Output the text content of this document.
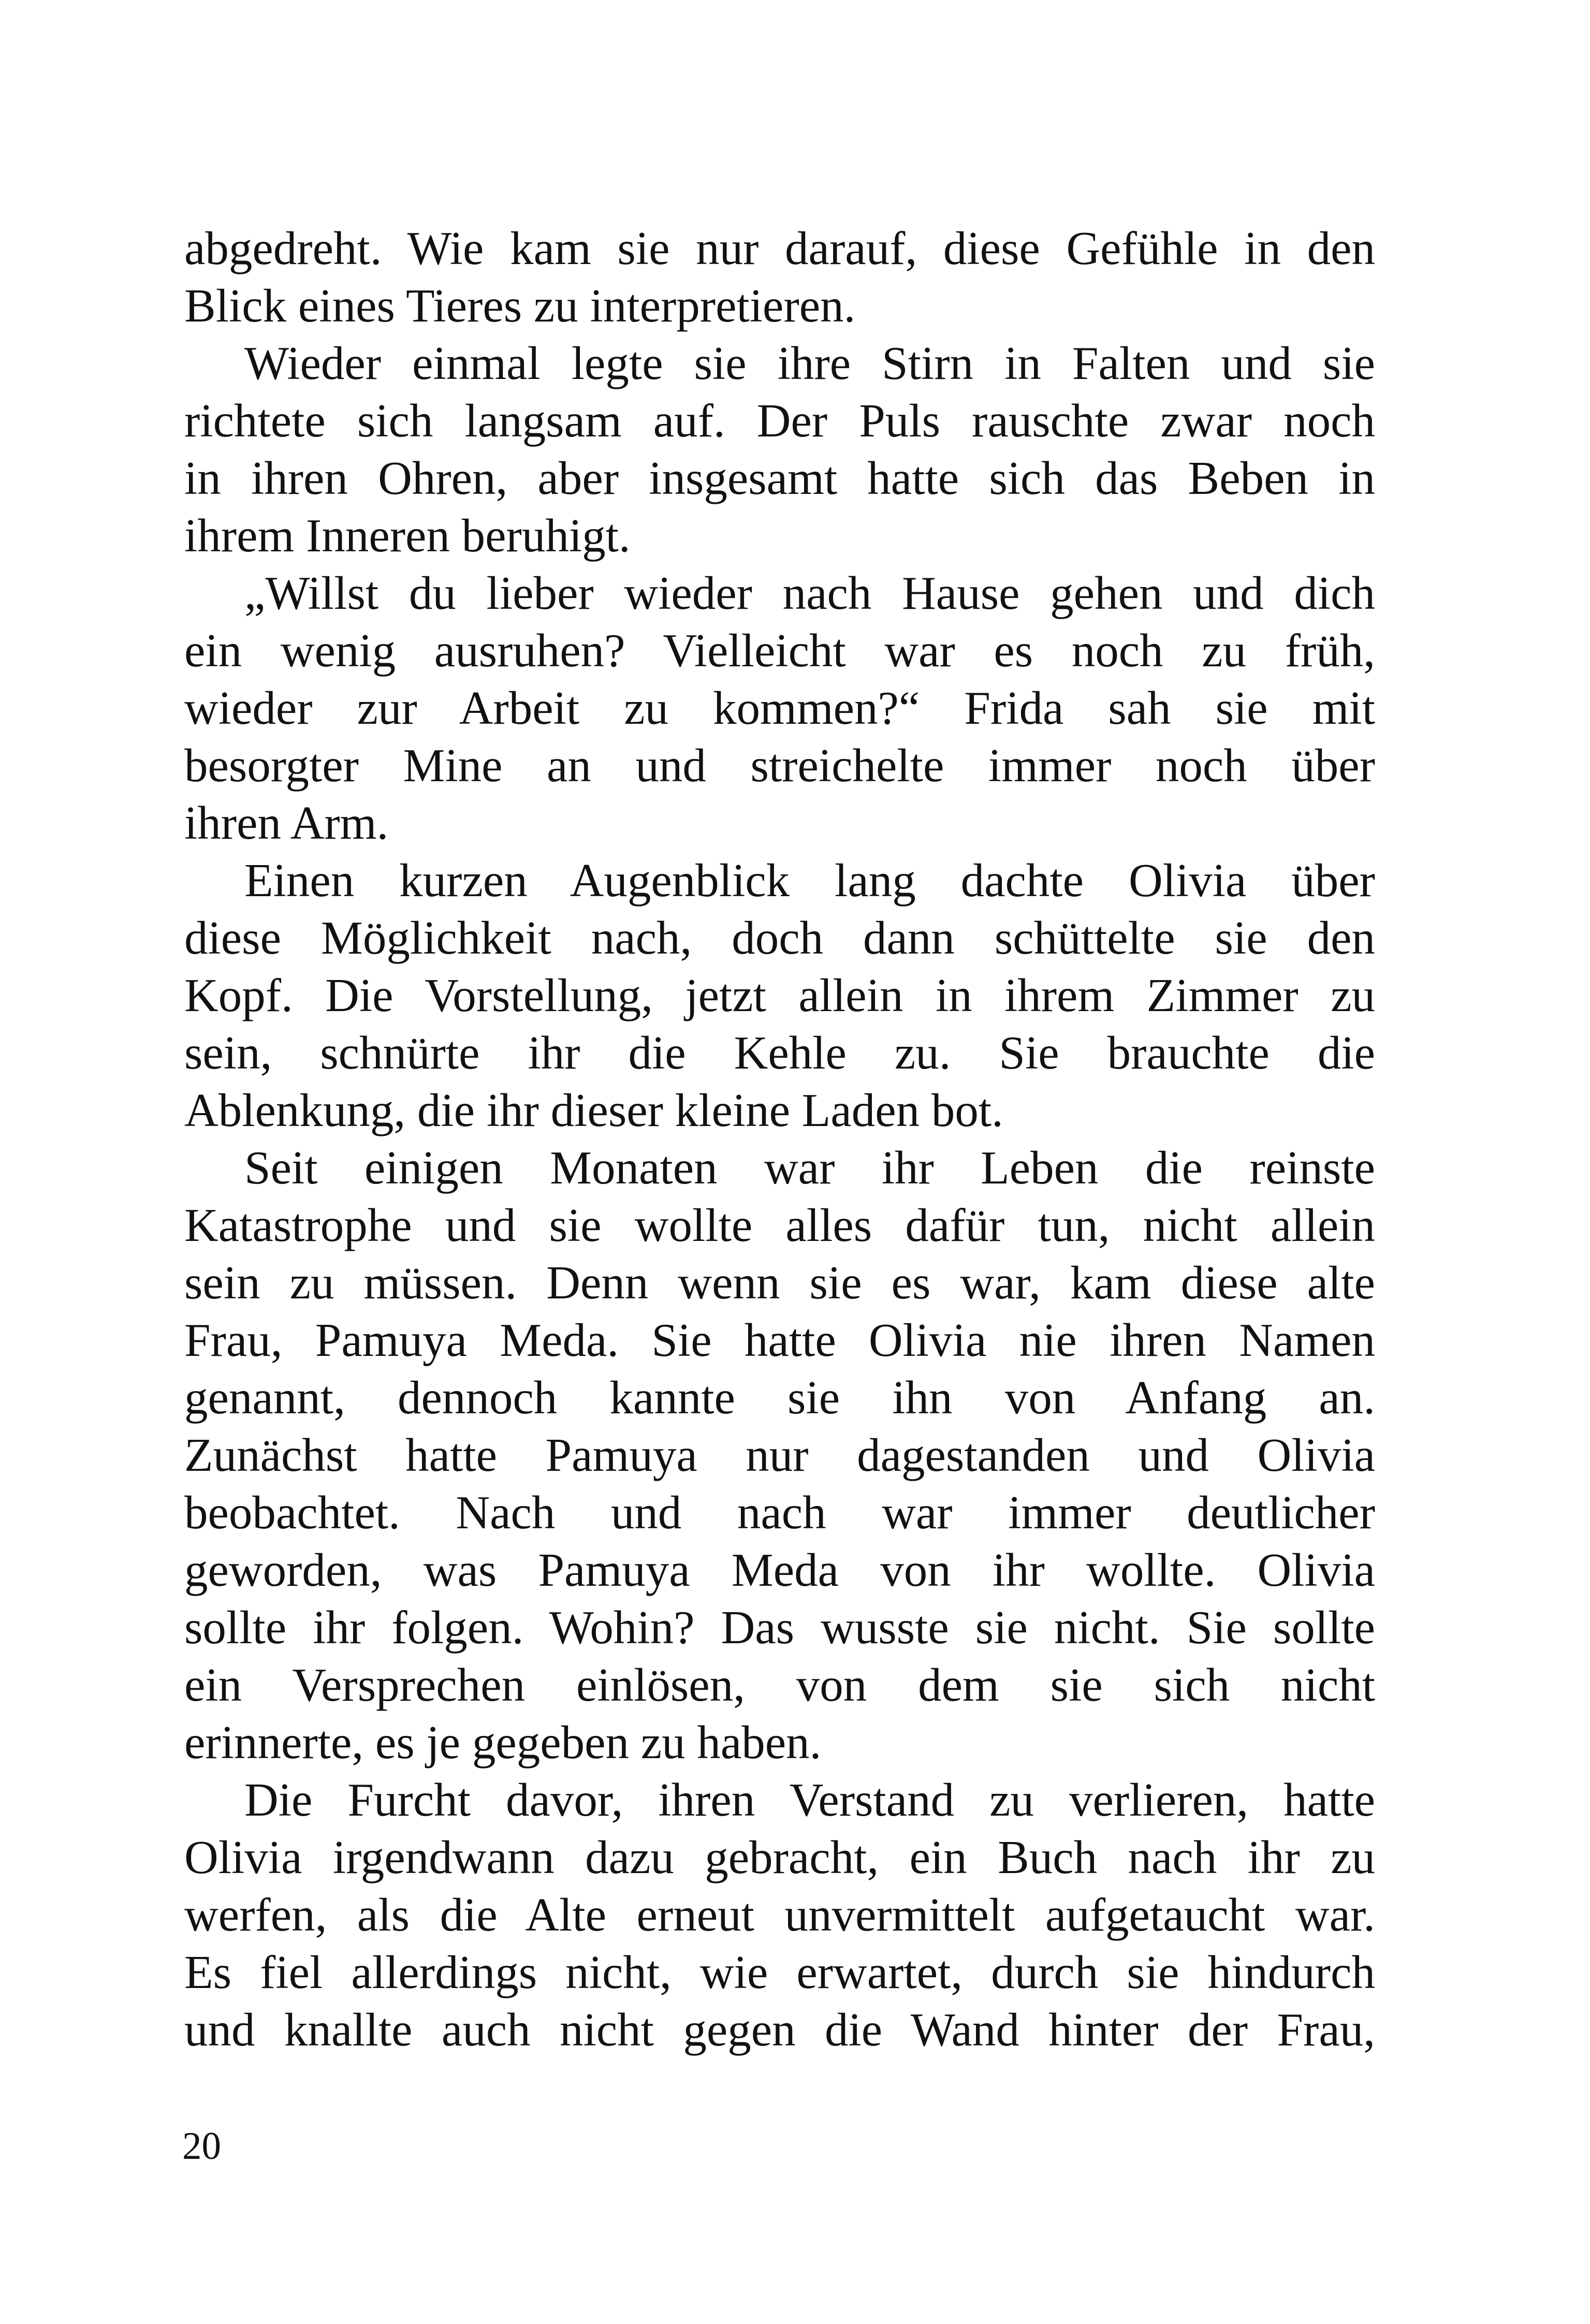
abgedreht. Wie kam sie nur darauf, diese Gefühle in den
Blick eines Tieres zu interpretieren.
Wieder einmal legte sie ihre Stirn in Falten und sie
richtete sich langsam auf. Der Puls rauschte zwar noch
in ihren Ohren, aber insgesamt hatte sich das Beben in
ihrem Inneren beruhigt.
„Willst du lieber wieder nach Hause gehen und dich
ein wenig ausruhen? Vielleicht war es noch zu früh,
wieder zur Arbeit zu kommen?“ Frida sah sie mit
besorgter Mine an und streichelte immer noch über
ihren Arm.
Einen kurzen Augenblick lang dachte Olivia über
diese Möglichkeit nach, doch dann schüttelte sie den
Kopf. Die Vorstellung, jetzt allein in ihrem Zimmer zu
sein, schnürte ihr die Kehle zu. Sie brauchte die
Ablenkung, die ihr dieser kleine Laden bot.
Seit einigen Monaten war ihr Leben die reinste
Katastrophe und sie wollte alles dafür tun, nicht allein
sein zu müssen. Denn wenn sie es war, kam diese alte
Frau, Pamuya Meda. Sie hatte Olivia nie ihren Namen
genannt, dennoch kannte sie ihn von Anfang an.
Zunächst hatte Pamuya nur dagestanden und Olivia
beobachtet. Nach und nach war immer deutlicher
geworden, was Pamuya Meda von ihr wollte. Olivia
sollte ihr folgen. Wohin? Das wusste sie nicht. Sie sollte
ein Versprechen einlösen, von dem sie sich nicht
erinnerte, es je gegeben zu haben.
Die Furcht davor, ihren Verstand zu verlieren, hatte
Olivia irgendwann dazu gebracht, ein Buch nach ihr zu
werfen, als die Alte erneut unvermittelt aufgetaucht war.
Es fiel allerdings nicht, wie erwartet, durch sie hindurch
und knallte auch nicht gegen die Wand hinter der Frau,
20
